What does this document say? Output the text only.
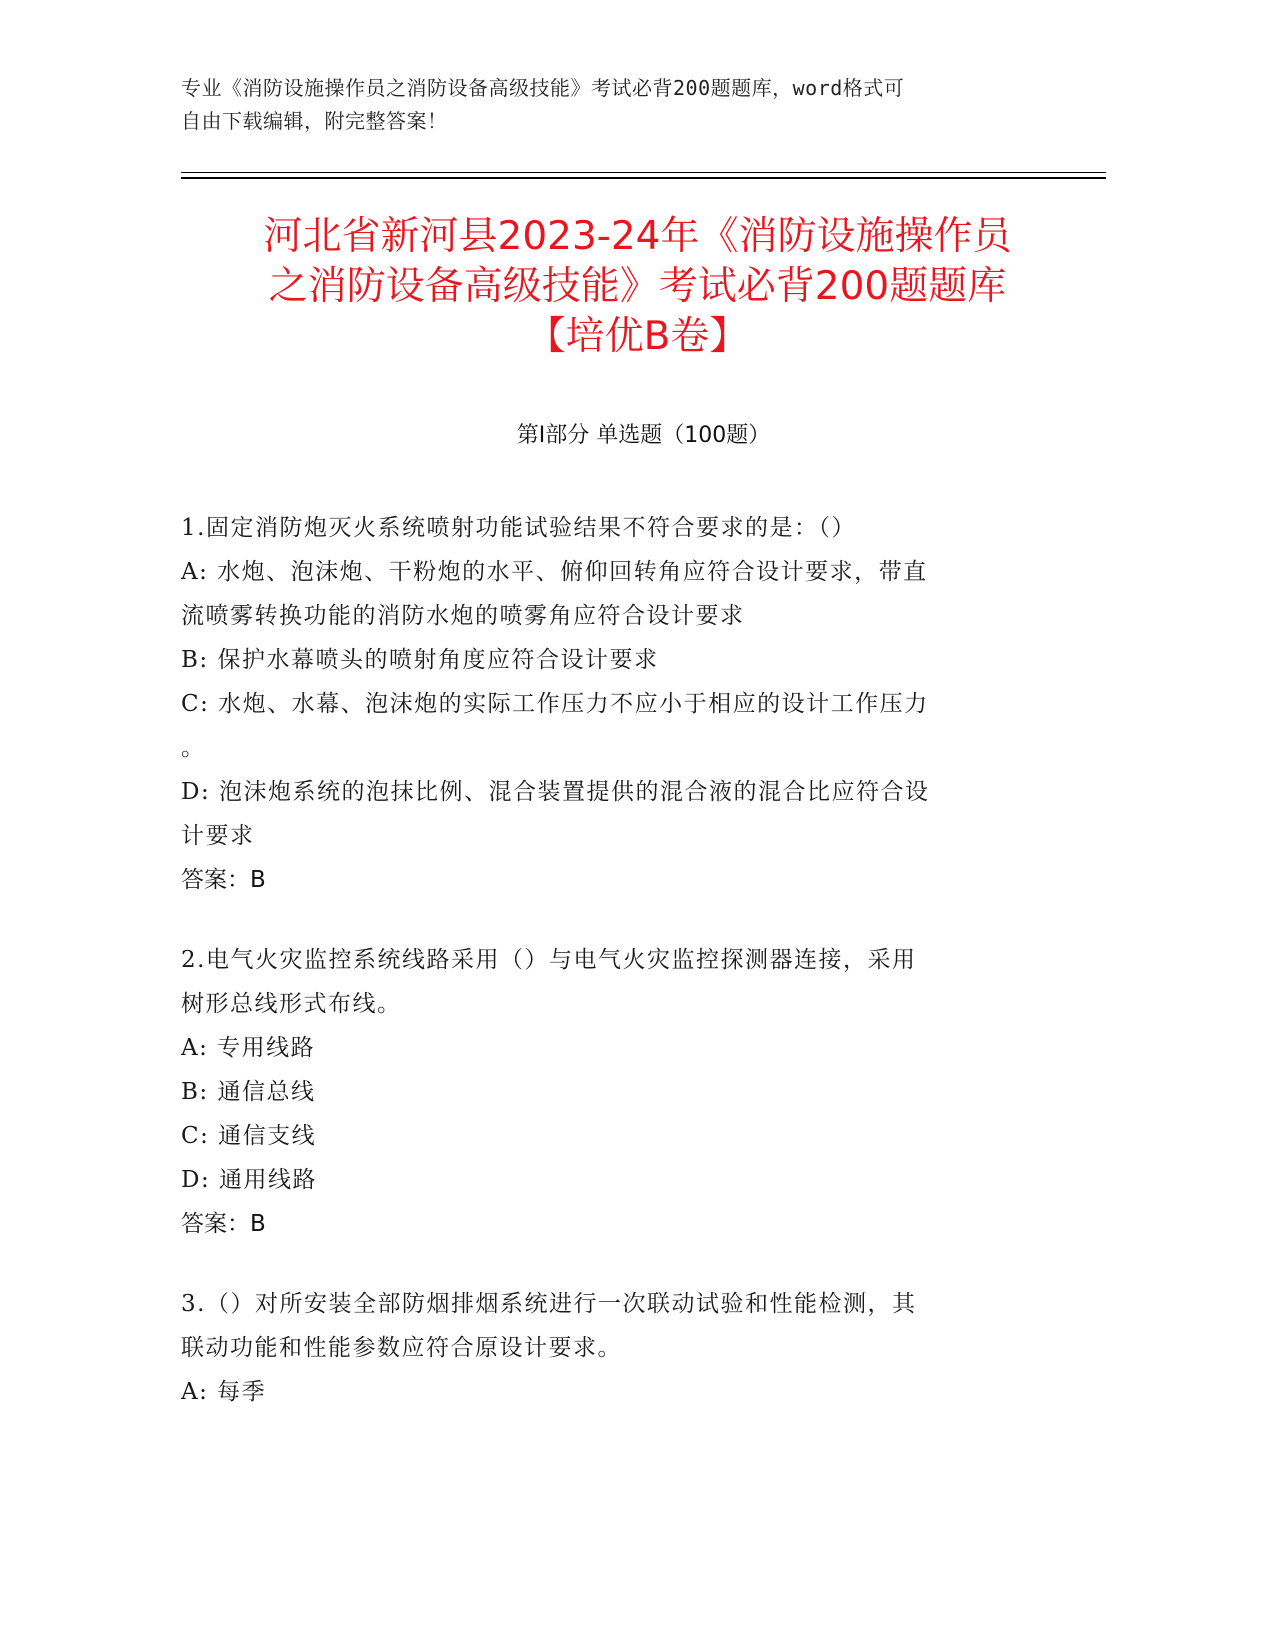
专业《消防设施操作员之消防设备高级技能》考试必背200题题库，word格式可
自由下载编辑，附完整答案！
河北省新河县2023-24年《消防设施操作员
之消防设备高级技能》考试必背200题题库
【培优B卷】
第Ⅰ部分 单选题（100题）
1.固定消防炮灭火系统喷射功能试验结果不符合要求的是：（）
A: 水炮、泡沫炮、干粉炮的水平、俯仰回转角应符合设计要求，带直
流喷雾转换功能的消防水炮的喷雾角应符合设计要求
B: 保护水幕喷头的喷射角度应符合设计要求
C: 水炮、水幕、泡沫炮的实际工作压力不应小于相应的设计工作压力
。
D: 泡沫炮系统的泡抹比例、混合装置提供的混合液的混合比应符合设
计要求
答案：B
2.电气火灾监控系统线路采用（）与电气火灾监控探测器连接，采用
树形总线形式布线。
A: 专用线路
B: 通信总线
C: 通信支线
D: 通用线路
答案：B
3.（）对所安装全部防烟排烟系统进行一次联动试验和性能检测，其
联动功能和性能参数应符合原设计要求。
A: 每季
